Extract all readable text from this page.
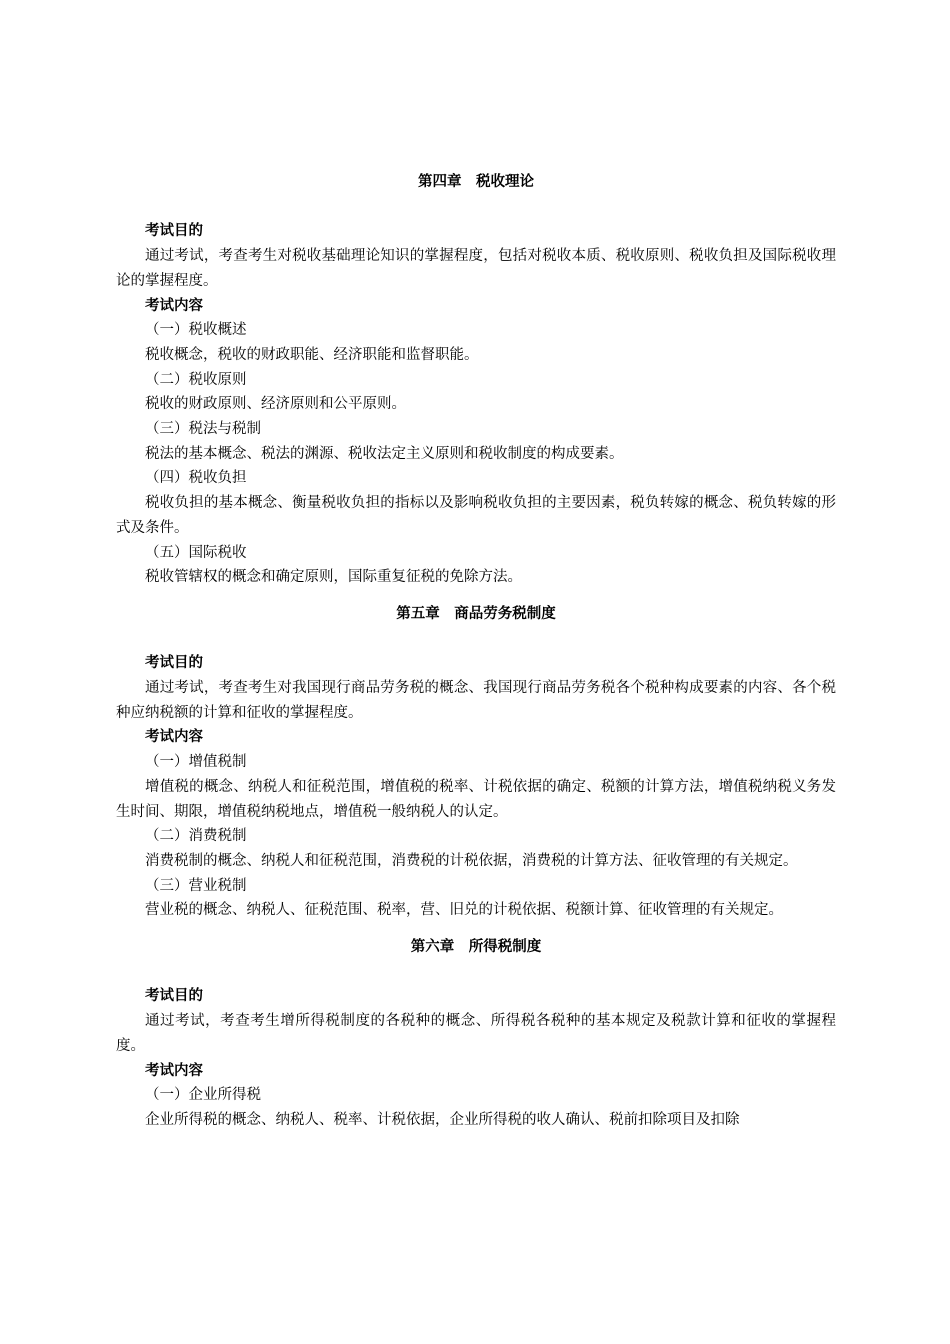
第四章　税收理论
考试目的

通过考试，考查考生对税收基础理论知识的掌握程度，包括对税收本质、税收原则、税收负担及国际税收理论的掌握程度。

考试内容
（一）税收概述

税收概念，税收的财政职能、经济职能和监督职能。

（二）税收原则

税收的财政原则、经济原则和公平原则。

（三）税法与税制

税法的基本概念、税法的渊源、税收法定主义原则和税收制度的构成要素。

（四）税收负担

税收负担的基本概念、衡量税收负担的指标以及影响税收负担的主要因素，税负转嫁的概念、税负转嫁的形式及条件。

（五）国际税收

税收管辖权的概念和确定原则，国际重复征税的免除方法。

第五章　商品劳务税制度
考试目的

通过考试，考查考生对我国现行商品劳务税的概念、我国现行商品劳务税各个税种构成要素的内容、各个税种应纳税额的计算和征收的掌握程度。

考试内容
（一）增值税制

增值税的概念、纳税人和征税范围，增值税的税率、计税依据的确定、税额的计算方法，增值税纳税义务发生时间、期限，增值税纳税地点，增值税一般纳税人的认定。

（二）消费税制

消费税制的概念、纳税人和征税范围，消费税的计税依据，消费税的计算方法、征收管理的有关规定。

（三）营业税制

营业税的概念、纳税人、征税范围、税率，营、旧兑的计税依据、税额计算、征收管理的有关规定。

第六章　所得税制度
考试目的

通过考试，考查考生增所得税制度的各税种的概念、所得税各税种的基本规定及税款计算和征收的掌握程度。

考试内容
（一）企业所得税

企业所得税的概念、纳税人、税率、计税依据，企业所得税的收人确认、税前扣除项目及扣除
